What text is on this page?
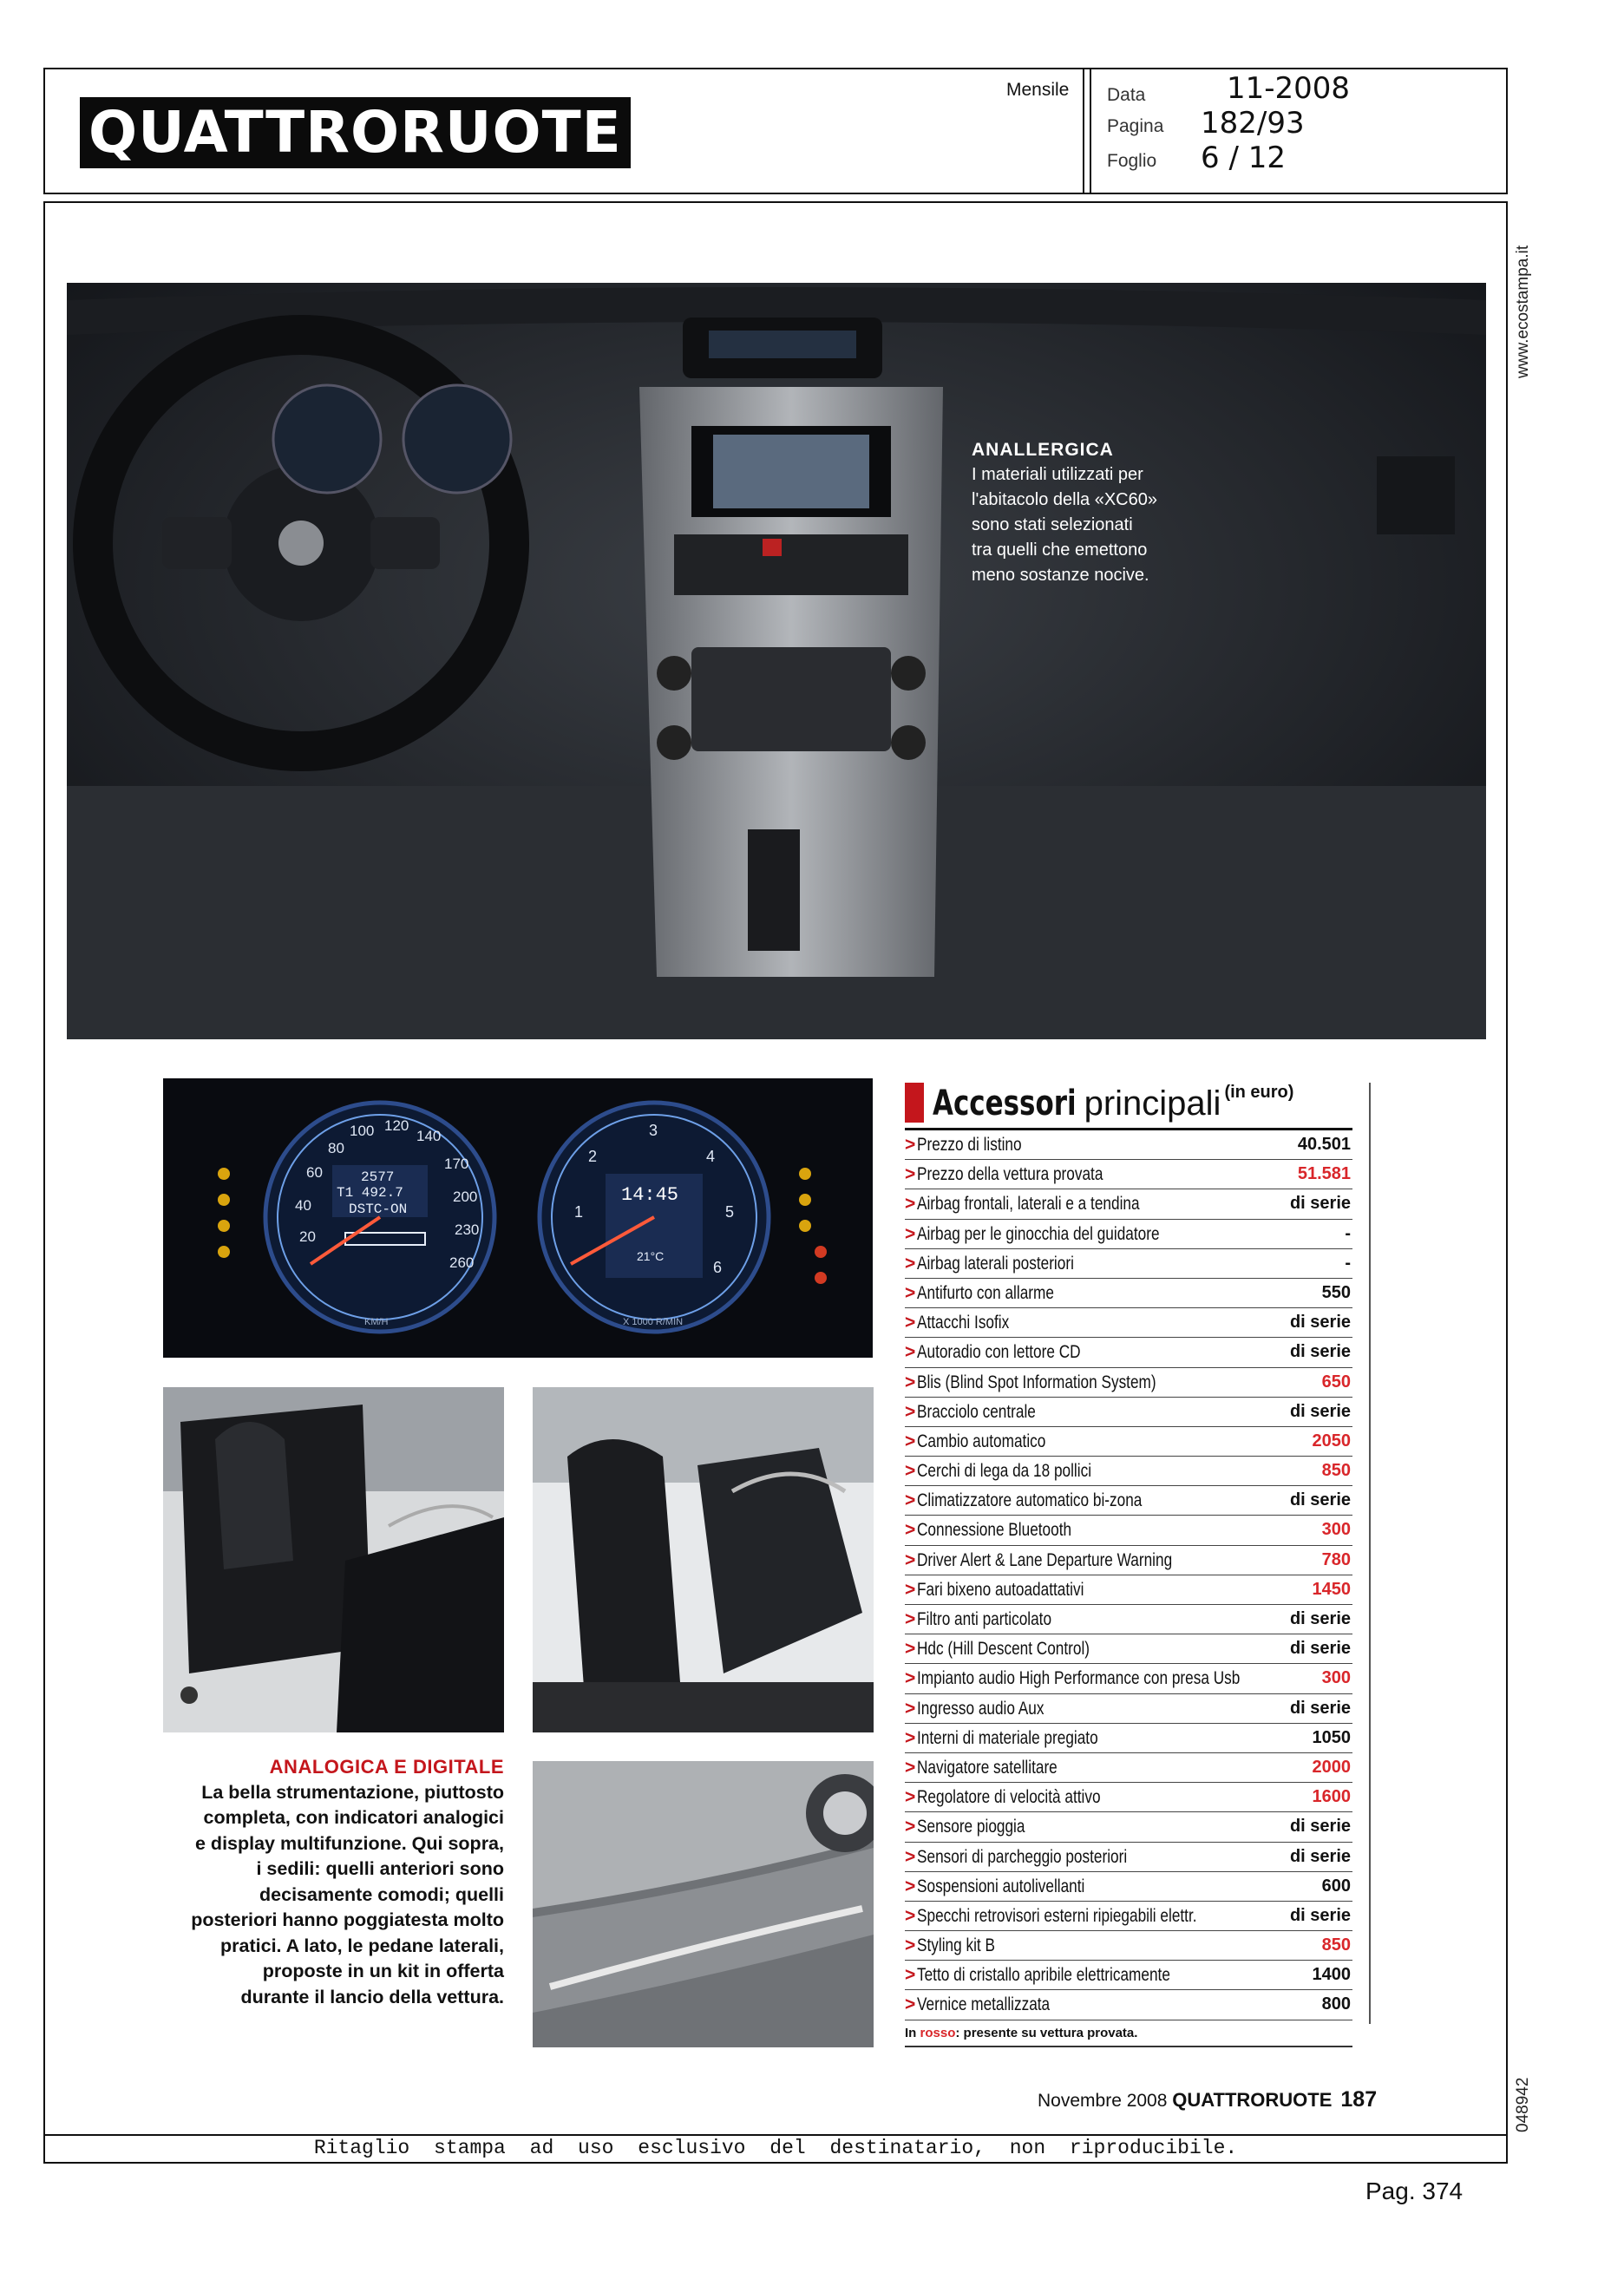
QUATTRORUOTE
Mensile Data	11-2008
Pagina 182/93
Foglio 6 / 12
www.ecostampa.it
048942
ANALLERGICA
I materiali utilizzati per
l'abitacolo della «XC60»
sono stati selezionati
tra quelli che emettono
meno sostanze nocive.
20
40
60
80
100 120
140
170
200
230
260
2577
T1 492.7
DSTC-ON
KM/H
1
2
3
4
5
6
14:45
21°C
X 1000 R/MIN
ANALOGICA E DIGITALE
La bella strumentazione, piuttosto
completa, con indicatori analogici
e display multifunzione. Qui sopra,
i sedili: quelli anteriori sono
decisamente comodi; quelli
posteriori hanno poggiatesta molto
pratici. A lato, le pedane laterali,
proposte in un kit in offerta
durante il lancio della vettura.
Accessori principali (in euro)
>Prezzo di listino	40.501
>Prezzo della vettura provata	51.581
>Airbag frontali, laterali e a tendina	di serie
>Airbag per le ginocchia del guidatore	-
>Airbag laterali posteriori	-
>Antifurto con allarme	550
>Attacchi Isofix	di serie
>Autoradio con lettore CD	di serie
>Blis (Blind Spot Information System)	650
>Bracciolo centrale	di serie
>Cambio automatico	2050
>Cerchi di lega da 18 pollici	850
>Climatizzatore automatico bi-zona	di serie
>Connessione Bluetooth	300
>Driver Alert & Lane Departure Warning	780
>Fari bixeno autoadattativi	1450
>Filtro anti particolato	di serie
>Hdc (Hill Descent Control)	di serie
>Impianto audio High Performance con presa Usb	300
>Ingresso audio Aux	di serie
>Interni di materiale pregiato	1050
>Navigatore satellitare	2000
>Regolatore di velocità attivo	1600
>Sensore pioggia	di serie
>Sensori di parcheggio posteriori	di serie
>Sospensioni autolivellanti	600
>Specchi retrovisori esterni ripiegabili elettr.	di serie
>Styling kit B	850
>Tetto di cristallo apribile elettricamente	1400
>Vernice metallizzata	800
In rosso: presente su vettura provata.
Novembre 2008 QUATTRORUOTE 187
Ritaglio stampa ad uso esclusivo del destinatario, non riproducibile.
Pag. 374
